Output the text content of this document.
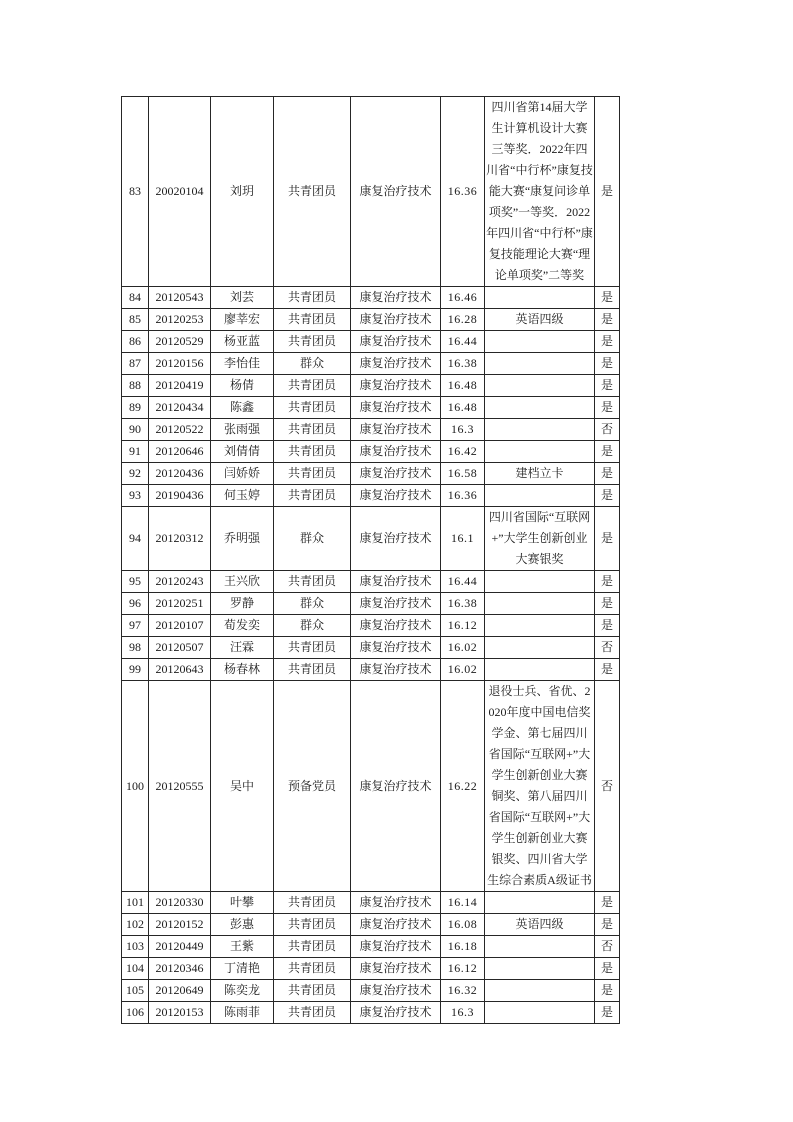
83	20020104	刘玥	共青团员	康复治疗技术	16.36	四川省第14届大学生计算机设计大赛三等奖．2022年四川省“中行杯”康复技能大赛“康复问诊单项奖”一等奖．2022年四川省“中行杯”康复技能理论大赛“理论单项奖”二等奖	是
84	20120543	刘芸	共青团员	康复治疗技术	16.46		是
85	20120253	廖莘宏	共青团员	康复治疗技术	16.28	英语四级	是
86	20120529	杨亚蓝	共青团员	康复治疗技术	16.44		是
87	20120156	李怡佳	群众	康复治疗技术	16.38		是
88	20120419	杨倩	共青团员	康复治疗技术	16.48		是
89	20120434	陈鑫	共青团员	康复治疗技术	16.48		是
90	20120522	张雨强	共青团员	康复治疗技术	16.3		否
91	20120646	刘倩倩	共青团员	康复治疗技术	16.42		是
92	20120436	闫娇娇	共青团员	康复治疗技术	16.58	建档立卡	是
93	20190436	何玉婷	共青团员	康复治疗技术	16.36		是
94	20120312	乔明强	群众	康复治疗技术	16.1	四川省国际“互联网+”大学生创新创业大赛银奖	是
95	20120243	王兴欣	共青团员	康复治疗技术	16.44		是
96	20120251	罗静	群众	康复治疗技术	16.38		是
97	20120107	荀发奕	群众	康复治疗技术	16.12		是
98	20120507	汪霖	共青团员	康复治疗技术	16.02		否
99	20120643	杨春林	共青团员	康复治疗技术	16.02		是
100	20120555	吴中	预备党员	康复治疗技术	16.22	退役士兵、省优、2020年度中国电信奖学金、第七届四川省国际“互联网+”大学生创新创业大赛铜奖、第八届四川省国际“互联网+”大学生创新创业大赛银奖、四川省大学生综合素质A级证书	否
101	20120330	叶攀	共青团员	康复治疗技术	16.14		是
102	20120152	彭惠	共青团员	康复治疗技术	16.08	英语四级	是
103	20120449	王紫	共青团员	康复治疗技术	16.18		否
104	20120346	丁清艳	共青团员	康复治疗技术	16.12		是
105	20120649	陈奕龙	共青团员	康复治疗技术	16.32		是
106	20120153	陈雨菲	共青团员	康复治疗技术	16.3		是
